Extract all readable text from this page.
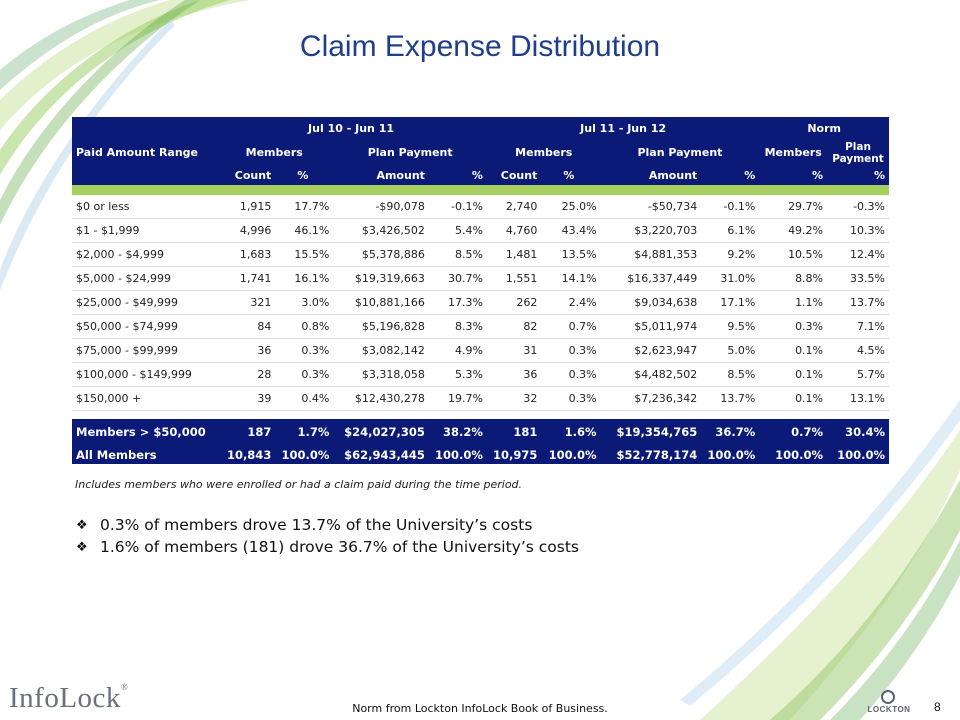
Claim Expense Distribution
	Jul 10 - Jun 11				Jul 11 - Jun 12				Norm	
Paid Amount Range	Members		Plan Payment		Members		Plan Payment		Members	Plan Payment
	Count	%	Amount	%	Count	%	Amount	%	%	%

$0 or less	1,915	17.7%	-$90,078	-0.1%	2,740	25.0%	-$50,734	-0.1%	29.7%	-0.3%
$1 - $1,999	4,996	46.1%	$3,426,502	5.4%	4,760	43.4%	$3,220,703	6.1%	49.2%	10.3%
$2,000 - $4,999	1,683	15.5%	$5,378,886	8.5%	1,481	13.5%	$4,881,353	9.2%	10.5%	12.4%
$5,000 - $24,999	1,741	16.1%	$19,319,663	30.7%	1,551	14.1%	$16,337,449	31.0%	8.8%	33.5%
$25,000 - $49,999	321	3.0%	$10,881,166	17.3%	262	2.4%	$9,034,638	17.1%	1.1%	13.7%
$50,000 - $74,999	84	0.8%	$5,196,828	8.3%	82	0.7%	$5,011,974	9.5%	0.3%	7.1%
$75,000 - $99,999	36	0.3%	$3,082,142	4.9%	31	0.3%	$2,623,947	5.0%	0.1%	4.5%
$100,000 - $149,999	28	0.3%	$3,318,058	5.3%	36	0.3%	$4,482,502	8.5%	0.1%	5.7%
$150,000 +	39	0.4%	$12,430,278	19.7%	32	0.3%	$7,236,342	13.7%	0.1%	13.1%

Members > $50,000	187	1.7%	$24,027,305	38.2%	181	1.6%	$19,354,765	36.7%	0.7%	30.4%
All Members	10,843	100.0%	$62,943,445	100.0%	10,975	100.0%	$52,778,174	100.0%	100.0%	100.0%
Includes members who were enrolled or had a claim paid during the time period.
❖ 0.3% of members drove 13.7% of the University’s costs
❖ 1.6% of members (181) drove 36.7% of the University’s costs
InfoLock®
Norm from Lockton InfoLock Book of Business.	LOCKTON	8
